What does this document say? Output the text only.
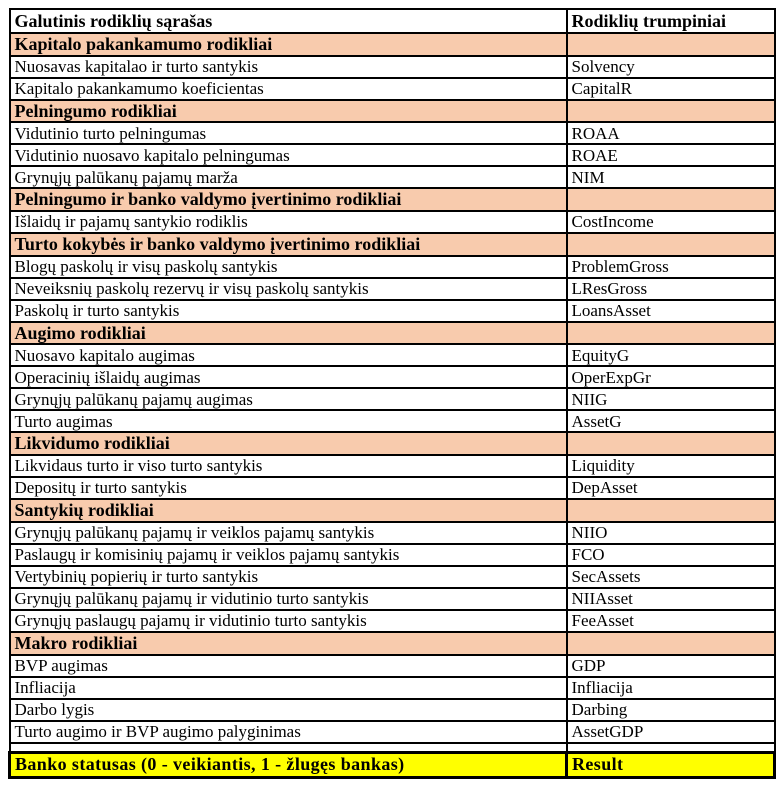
Galutinis rodiklių sąrašas	Rodiklių trumpiniai
Kapitalo pakankamumo rodikliai	
Nuosavas kapitalao ir turto santykis	Solvency
Kapitalo pakankamumo koeficientas	CapitalR
Pelningumo rodikliai	
Vidutinio turto pelningumas	ROAA
Vidutinio nuosavo kapitalo pelningumas	ROAE
Grynųjų palūkanų pajamų marža	NIM
Pelningumo ir banko valdymo įvertinimo rodikliai	
Išlaidų ir pajamų santykio rodiklis	CostIncome
Turto kokybės ir banko valdymo įvertinimo rodikliai	
Blogų paskolų ir visų paskolų santykis	ProblemGross
Neveiksnių paskolų rezervų ir visų paskolų santykis	LResGross
Paskolų ir turto santykis	LoansAsset
Augimo rodikliai	
Nuosavo kapitalo augimas	EquityG
Operacinių išlaidų augimas	OperExpGr
Grynųjų palūkanų pajamų augimas	NIIG
Turto augimas	AssetG
Likvidumo rodikliai	
Likvidaus turto ir viso turto santykis	Liquidity
Depositų ir turto santykis	DepAsset
Santykių rodikliai	
Grynųjų palūkanų pajamų ir veiklos pajamų santykis	NIIO
Paslaugų ir komisinių pajamų ir veiklos pajamų santykis	FCO
Vertybinių popierių ir turto santykis	SecAssets
Grynųjų palūkanų pajamų ir vidutinio turto santykis	NIIAsset
Grynųjų paslaugų pajamų ir vidutinio turto santykis	FeeAsset
Makro rodikliai	
BVP augimas	GDP
Infliacija	Infliacija
Darbo lygis	Darbing
Turto augimo ir BVP augimo palyginimas	AssetGDP

Banko statusas (0 - veikiantis, 1 - žlugęs bankas)	Result
